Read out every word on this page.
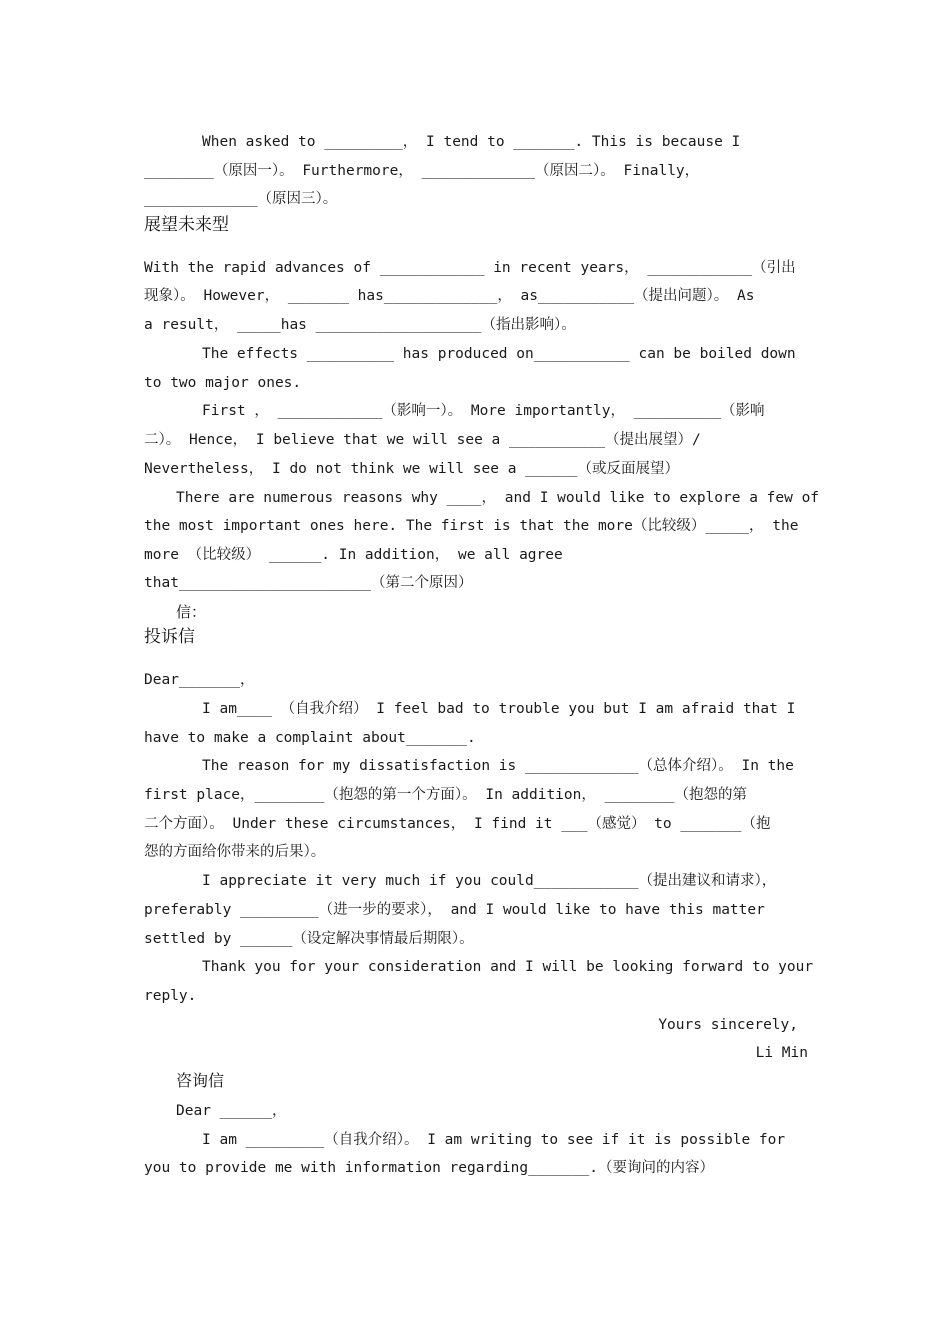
When asked to _________， I tend to _______. This is because I
________（原因一）。 Furthermore， _____________（原因二）。 Finally，
_____________（原因三）。
展望未来型
With the rapid advances of ____________ in recent years， ____________（引出
现象）。 However， _______ has_____________， as___________（提出问题）。 As
a result， _____has ___________________（指出影响）。
The effects __________ has produced on___________ can be boiled down
to two major ones.
First ， ____________（影响一）。 More importantly， __________（影响
二）。 Hence， I believe that we will see a ___________（提出展望）/
Nevertheless， I do not think we will see a ______（或反面展望）
There are numerous reasons why ____， and I would like to explore a few of
the most important ones here. The first is that the more（比较级）_____， the
more （比较级） ______. In addition， we all agree
that______________________（第二个原因）
信：
投诉信
Dear_______，
I am____ （自我介绍） I feel bad to trouble you but I am afraid that I
have to make a complaint about_______.
The reason for my dissatisfaction is _____________（总体介绍）。 In the
first place，________（抱怨的第一个方面）。 In addition， ________（抱怨的第
二个方面）。 Under these circumstances， I find it ___（感觉） to _______（抱
怨的方面给你带来的后果）。
I appreciate it very much if you could____________（提出建议和请求），
preferably _________（进一步的要求）， and I would like to have this matter
settled by ______（设定解决事情最后期限）。
Thank you for your consideration and I will be looking forward to your
reply.
Yours sincerely,
Li Min
咨询信
Dear ______，
I am _________（自我介绍）。 I am writing to see if it is possible for
you to provide me with information regarding_______.（要询问的内容）
